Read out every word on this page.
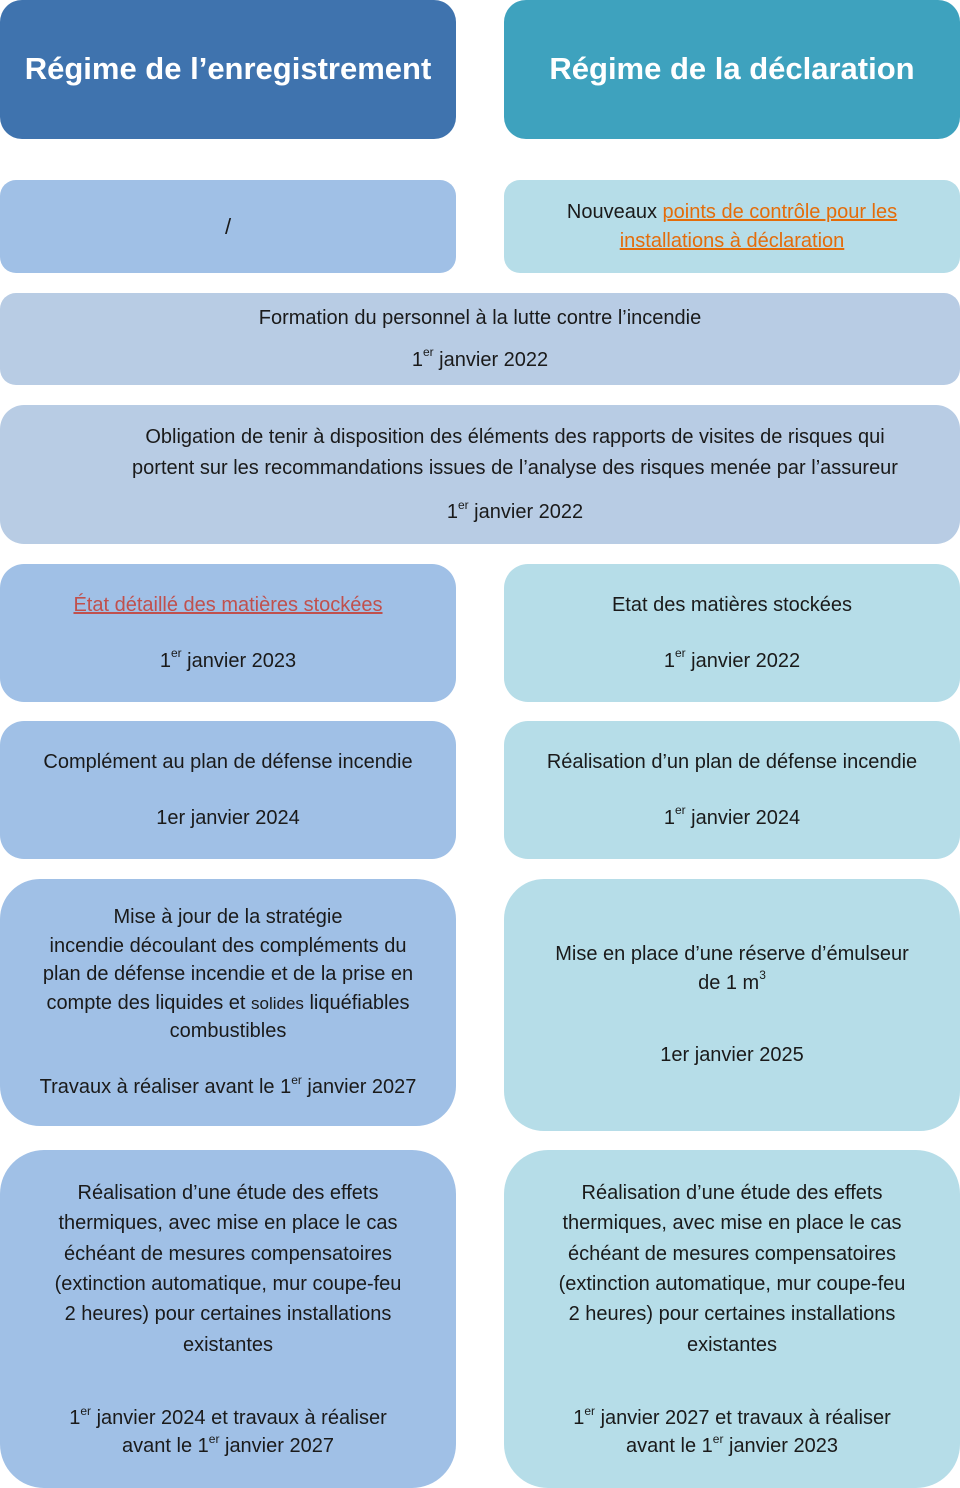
Régime de l’enregistrement	Régime de la déclaration
/
Nouveaux points de contrôle pour les
installations à déclaration
Formation du personnel à la lutte contre l’incendie
1er janvier 2022
Obligation de tenir à disposition des éléments des rapports de visites de risques qui
portent sur les recommandations issues de l’analyse des risques menée par l’assureur
1er janvier 2022
État détaillé des matières stockées
1er janvier 2023
Etat des matières stockées
1er janvier 2022
Complément au plan de défense incendie
1er janvier 2024
Réalisation d’un plan de défense incendie
1er janvier 2024
Mise à jour de la stratégie
incendie découlant des compléments du
plan de défense incendie et de la prise en
compte des liquides et solides liquéfiables
combustibles
Travaux à réaliser avant le 1er janvier 2027
Mise en place d’une réserve d’émulseur
de 1 $m^3$
1er janvier 2025
Réalisation d’une étude des effets
thermiques, avec mise en place le cas
échéant de mesures compensatoires
(extinction automatique, mur coupe-feu
2 heures) pour certaines installations
existantes
1er janvier 2024 et travaux à réaliser
avant le 1er janvier 2027
Réalisation d’une étude des effets
thermiques, avec mise en place le cas
échéant de mesures compensatoires
(extinction automatique, mur coupe-feu
2 heures) pour certaines installations
existantes
1er janvier 2027 et travaux à réaliser
avant le 1er janvier 2023
